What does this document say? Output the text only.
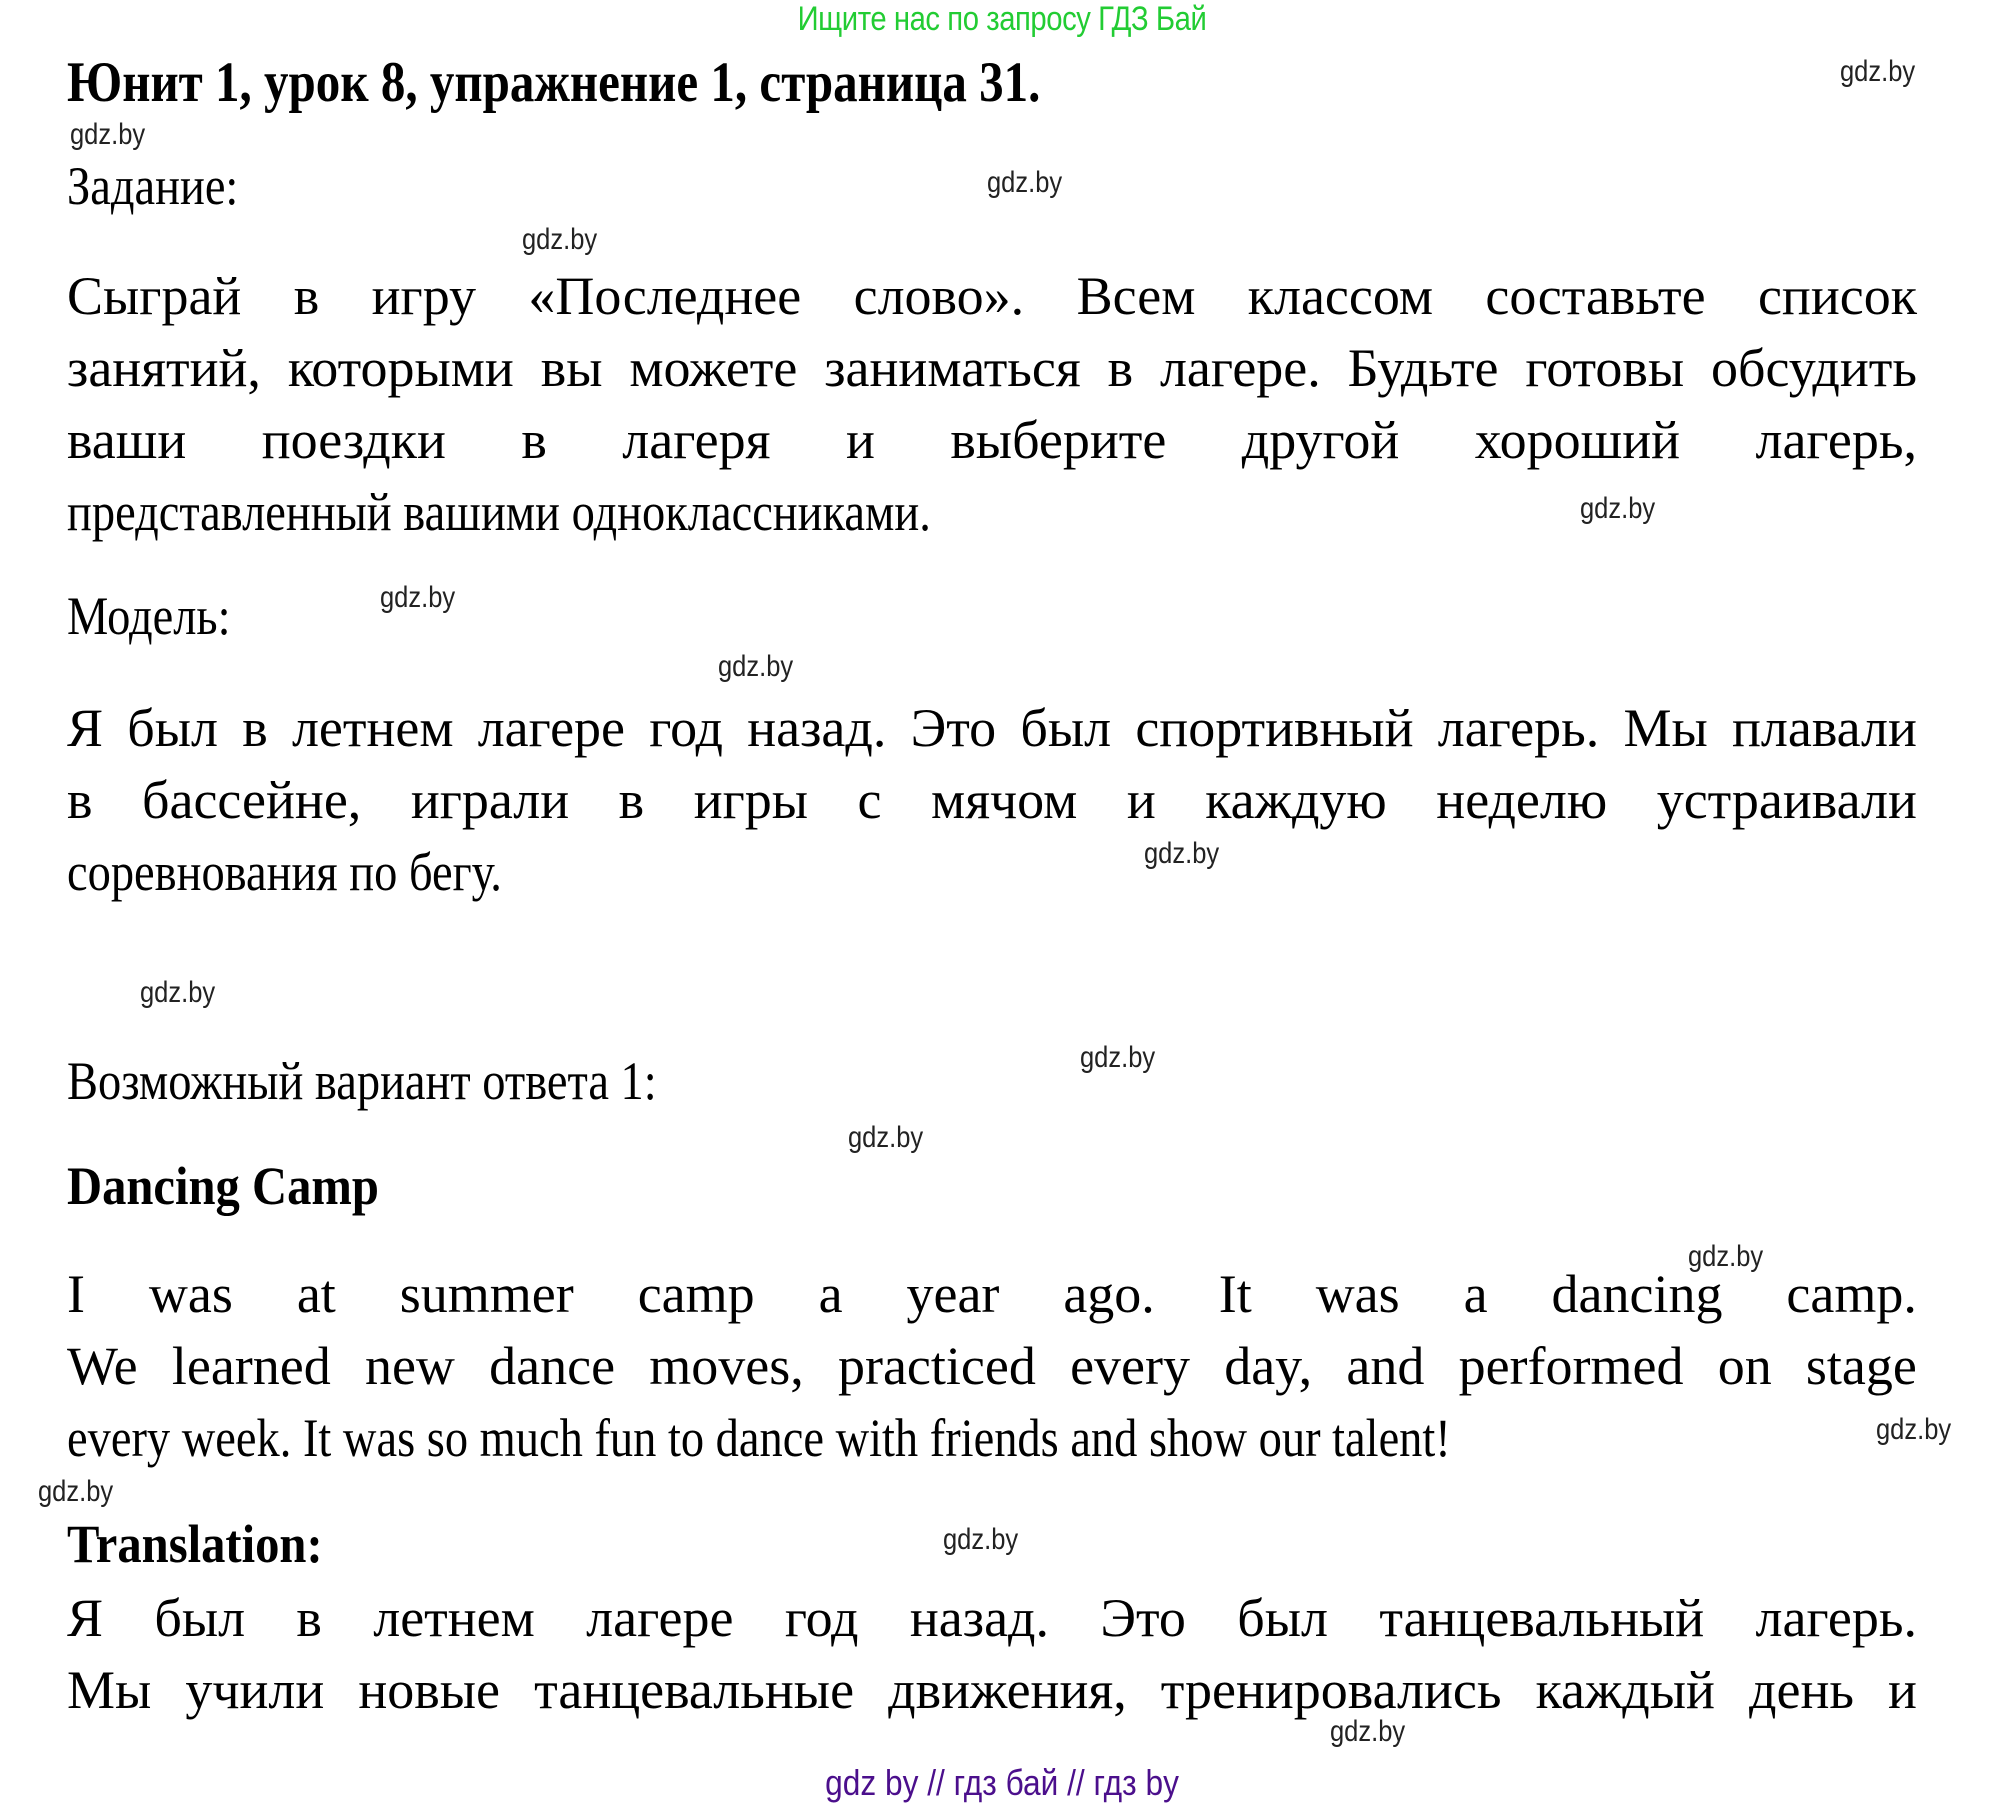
Ищите нас по запросу ГДЗ Бай
Юнит 1, урок 8, упражнение 1, страница 31.	gdz.by
gdz.by
gdz.by
gdz.by
gdz.by
gdz.by
gdz.by
gdz.by
gdz.by
gdz.by
gdz.by
gdz.by
gdz.by
gdz.by
gdz.by
gdz.by
Задание:
Сыграй в игру «Последнее слово». Всем классом составьте список
занятий, которыми вы можете заниматься в лагере. Будьте готовы обсудить
ваши поездки в лагеря и выберите другой хороший лагерь,
представленный вашими одноклассниками.
Модель:
Я был в летнем лагере год назад. Это был спортивный лагерь. Мы плавали
в бассейне, играли в игры с мячом и каждую неделю устраивали
соревнования по бегу.
Возможный вариант ответа 1:
Dancing Camp
I was at summer camp a year ago. It was a dancing camp.
We learned new dance moves, practiced every day, and performed on stage
every week. It was so much fun to dance with friends and show our talent!
Translation:
Я был в летнем лагере год назад. Это был танцевальный лагерь.
Мы учили новые танцевальные движения, тренировались каждый день и
gdz by // гдз бай // гдз by
